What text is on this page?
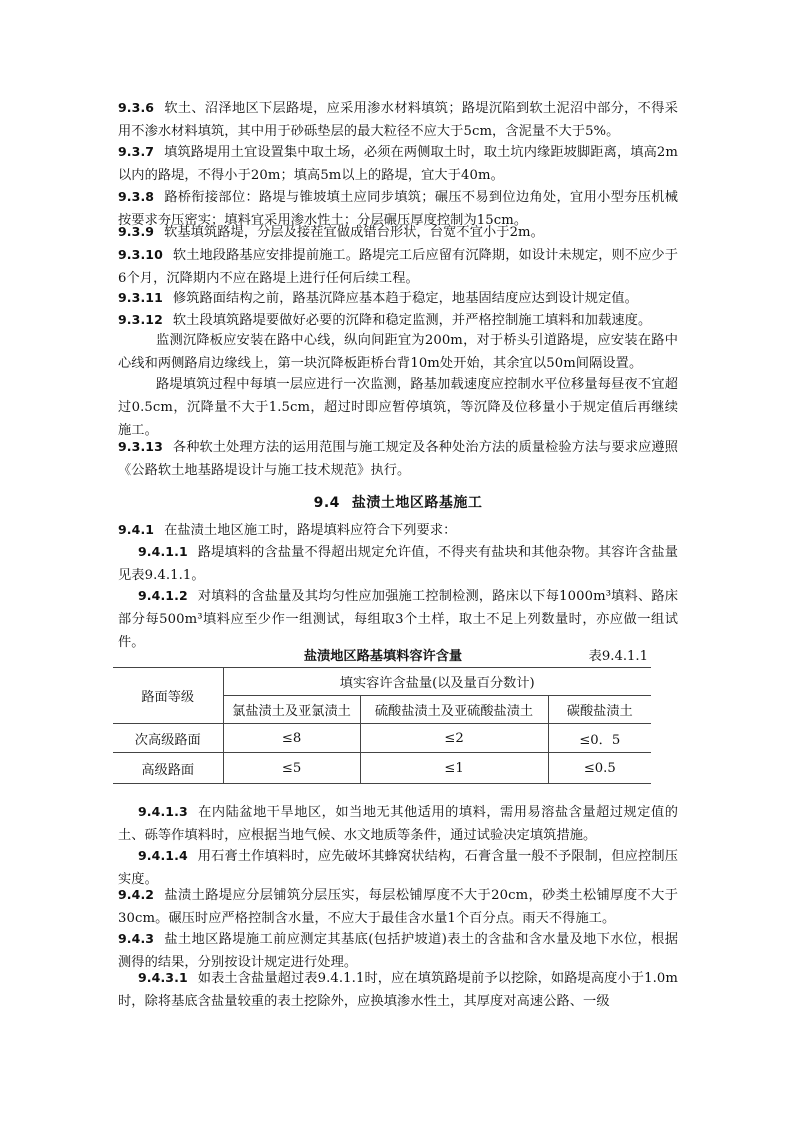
9.3.6 软土、沼泽地区下层路堤，应采用渗水材料填筑；路堤沉陷到软土泥沼中部分，不得采用不渗水材料填筑，其中用于砂砾垫层的最大粒径不应大于5cm，含泥量不大于5%。
9.3.7 填筑路堤用土宜设置集中取土场，必须在两侧取土时，取土坑内缘距坡脚距离，填高2m以内的路堤，不得小于20m；填高5m以上的路堤，宜大于40m。
9.3.8 路桥衔接部位：路堤与锥坡填土应同步填筑；碾压不易到位边角处，宜用小型夯压机械按要求夯压密实；填料宜采用渗水性土；分层碾压厚度控制为15cm。
9.3.9 软基填筑路堤，分层及接茬宜做成错台形状，台宽不宜小于2m。
9.3.10 软土地段路基应安排提前施工。路堤完工后应留有沉降期，如设计未规定，则不应少于6个月，沉降期内不应在路堤上进行任何后续工程。
9.3.11 修筑路面结构之前，路基沉降应基本趋于稳定，地基固结度应达到设计规定值。
9.3.12 软土段填筑路堤要做好必要的沉降和稳定监测，并严格控制施工填料和加载速度。
监测沉降板应安装在路中心线，纵向间距宜为200m，对于桥头引道路堤，应安装在路中心线和两侧路肩边缘线上，第一块沉降板距桥台背10m处开始，其余宜以50m间隔设置。
路堤填筑过程中每填一层应进行一次监测，路基加载速度应控制水平位移量每昼夜不宜超过0.5cm，沉降量不大于1.5cm，超过时即应暂停填筑，等沉降及位移量小于规定值后再继续施工。
9.3.13 各种软土处理方法的运用范围与施工规定及各种处治方法的质量检验方法与要求应遵照《公路软土地基路堤设计与施工技术规范》执行。
9.4 盐渍土地区路基施工
9.4.1 在盐渍土地区施工时，路堤填料应符合下列要求：
9.4.1.1 路堤填料的含盐量不得超出规定允许值，不得夹有盐块和其他杂物。其容许含盐量见表9.4.1.1。
9.4.1.2 对填料的含盐量及其均匀性应加强施工控制检测，路床以下每1000m³填料、路床部分每500m³填料应至少作一组测试，每组取3个土样，取土不足上列数量时，亦应做一组试件。
盐渍地区路基填料容许含量	表9.4.1.1
路面等级	填实容许含盐量(以及量百分数计)		
	氯盐渍土及亚氯渍土	硫酸盐渍土及亚硫酸盐渍土	碳酸盐渍土
次高级路面	≤8	≤2	≤0．5
高级路面	≤5	≤1	≤0.5
9.4.1.3 在内陆盆地干旱地区，如当地无其他适用的填料，需用易溶盐含量超过规定值的土、砾等作填料时，应根据当地气候、水文地质等条件，通过试验决定填筑措施。
9.4.1.4 用石膏土作填料时，应先破坏其蜂窝状结构，石膏含量一般不予限制，但应控制压实度。
9.4.2 盐渍土路堤应分层铺筑分层压实，每层松铺厚度不大于20cm，砂类土松铺厚度不大于30cm。碾压时应严格控制含水量，不应大于最佳含水量1个百分点。雨天不得施工。
9.4.3 盐土地区路堤施工前应测定其基底(包括护坡道)表土的含盐和含水量及地下水位，根据测得的结果，分别按设计规定进行处理。
9.4.3.1 如表土含盐量超过表9.4.1.1时，应在填筑路堤前予以挖除，如路堤高度小于1.0m时，除将基底含盐量较重的表土挖除外，应换填渗水性土，其厚度对高速公路、一级
